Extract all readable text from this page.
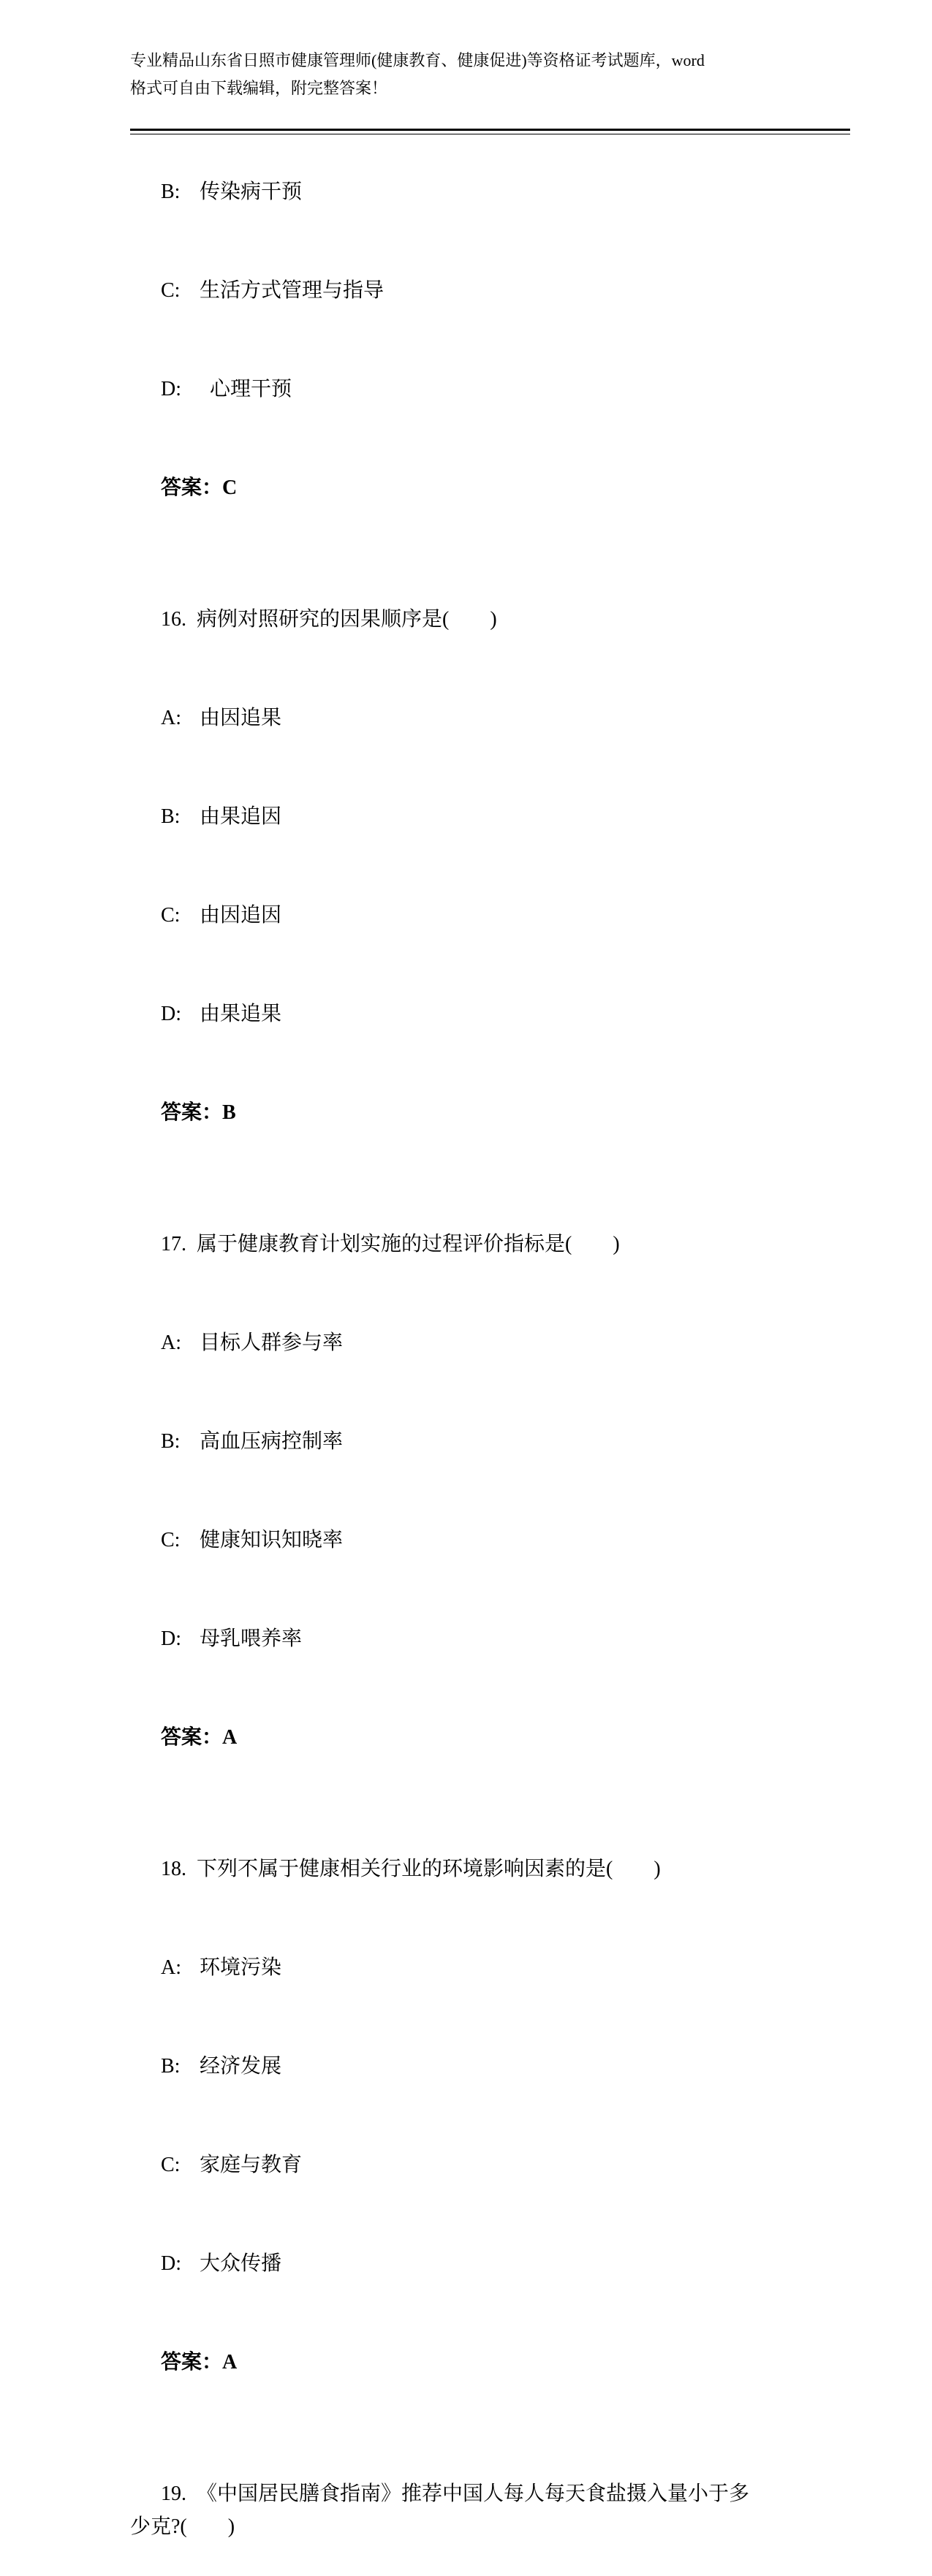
专业精品山东省日照市健康管理师(健康教育、健康促进)等资格证考试题库，word
格式可自由下载编辑，附完整答案！

B: 传染病干预

C: 生活方式管理与指导

D:  心理干预

答案：C

16.  病例对照研究的因果顺序是(　　)

A: 由因追果

B: 由果追因

C: 由因追因

D: 由果追果

答案：B

17.  属于健康教育计划实施的过程评价指标是(　　)

A: 目标人群参与率

B: 高血压病控制率

C: 健康知识知晓率

D: 母乳喂养率

答案：A

18.  下列不属于健康相关行业的环境影响因素的是(　　)

A: 环境污染

B: 经济发展

C: 家庭与教育

D: 大众传播

答案：A

19.  《中国居民膳食指南》推荐中国人每人每天食盐摄入量小于多少克?(　　)
